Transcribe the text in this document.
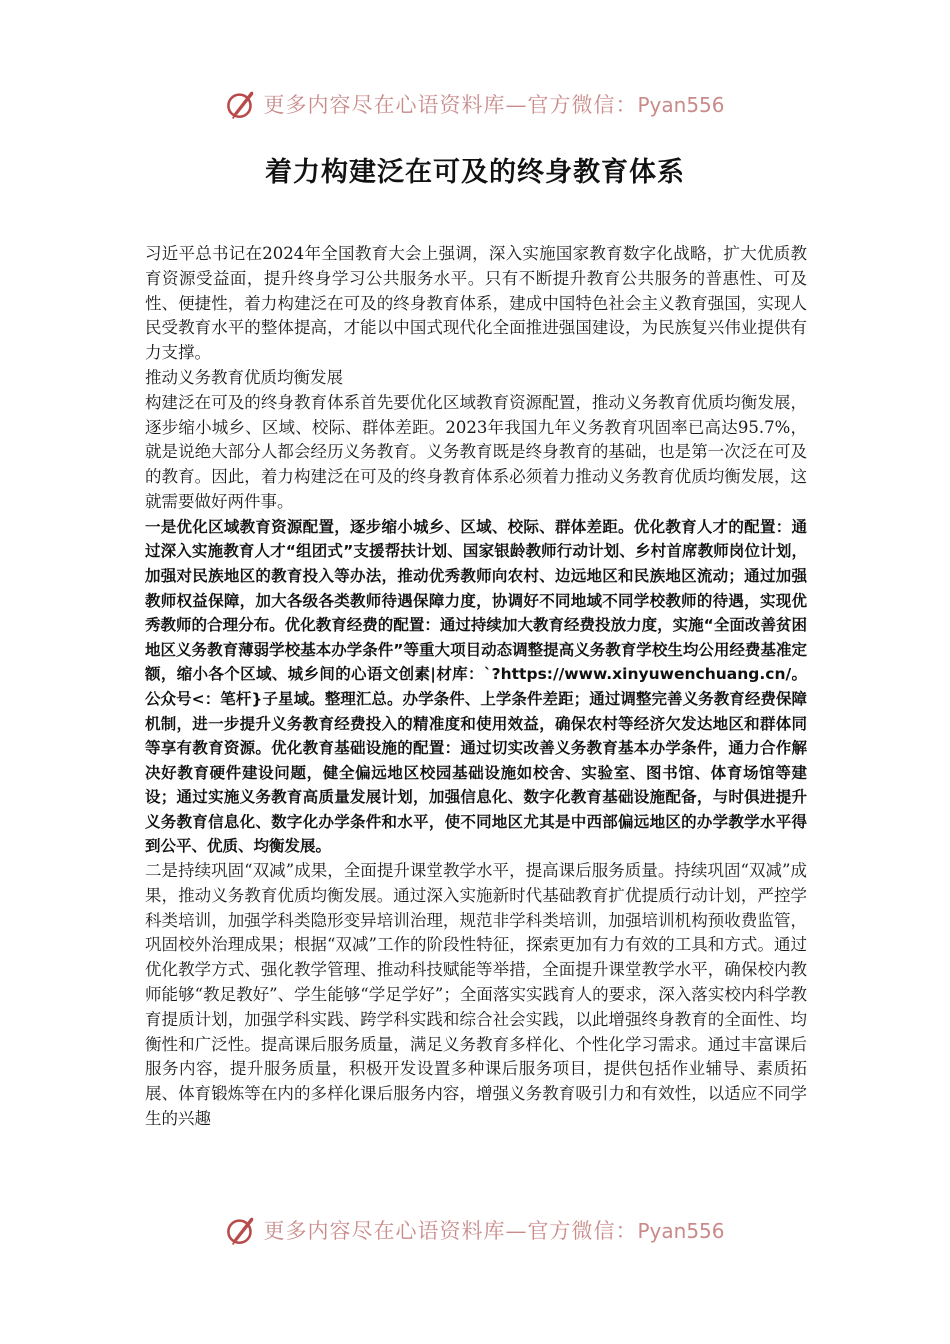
更多内容尽在心语资料库—官方微信：Pyan556
着力构建泛在可及的终身教育体系

习近平总书记在2024年全国教育大会上强调，深入实施国家教育数字化战略，扩大优质教育资源受益面，提升终身学习公共服务水平。只有不断提升教育公共服务的普惠性、可及性、便捷性，着力构建泛在可及的终身教育体系，建成中国特色社会主义教育强国，实现人民受教育水平的整体提高，才能以中国式现代化全面推进强国建设，为民族复兴伟业提供有力支撑。

推动义务教育优质均衡发展

构建泛在可及的终身教育体系首先要优化区域教育资源配置，推动义务教育优质均衡发展，逐步缩小城乡、区域、校际、群体差距。2023年我国九年义务教育巩固率已高达95.7%，就是说绝大部分人都会经历义务教育。义务教育既是终身教育的基础，也是第一次泛在可及的教育。因此，着力构建泛在可及的终身教育体系必须着力推动义务教育优质均衡发展，这就需要做好两件事。

一是优化区域教育资源配置，逐步缩小城乡、区域、校际、群体差距。优化教育人才的配置：通过深入实施教育人才“组团式”支援帮扶计划、国家银龄教师行动计划、乡村首席教师岗位计划，加强对民族地区的教育投入等办法，推动优秀教师向农村、边远地区和民族地区流动；通过加强教师权益保障，加大各级各类教师待遇保障力度，协调好不同地域不同学校教师的待遇，实现优秀教师的合理分布。优化教育经费的配置：通过持续加大教育经费投放力度，实施“全面改善贫困地区义务教育薄弱学校基本办学条件”等重大项目动态调整提高义务教育学校生均公用经费基准定额，缩小各个区域、城乡间的心语文创素|材库：`?https://www.xinyuwenchuang.cn/。公众号<：笔杆}子星域。整理汇总。办学条件、上学条件差距；通过调整完善义务教育经费保障机制，进一步提升义务教育经费投入的精准度和使用效益，确保农村等经济欠发达地区和群体同等享有教育资源。优化教育基础设施的配置：通过切实改善义务教育基本办学条件，通力合作解决好教育硬件建设问题，健全偏远地区校园基础设施如校舍、实验室、图书馆、体育场馆等建设；通过实施义务教育高质量发展计划，加强信息化、数字化教育基础设施配备，与时俱进提升义务教育信息化、数字化办学条件和水平，使不同地区尤其是中西部偏远地区的办学教学水平得到公平、优质、均衡发展。

二是持续巩固“双减”成果，全面提升课堂教学水平，提高课后服务质量。持续巩固“双减”成果，推动义务教育优质均衡发展。通过深入实施新时代基础教育扩优提质行动计划，严控学科类培训，加强学科类隐形变异培训治理，规范非学科类培训，加强培训机构预收费监管，巩固校外治理成果；根据“双减”工作的阶段性特征，探索更加有力有效的工具和方式。通过优化教学方式、强化教学管理、推动科技赋能等举措，全面提升课堂教学水平，确保校内教师能够“教足教好”、学生能够“学足学好”；全面落实实践育人的要求，深入落实校内科学教育提质计划，加强学科实践、跨学科实践和综合社会实践，以此增强终身教育的全面性、均衡性和广泛性。提高课后服务质量，满足义务教育多样化、个性化学习需求。通过丰富课后服务内容，提升服务质量，积极开发设置多种课后服务项目，提供包括作业辅导、素质拓展、体育锻炼等在内的多样化课后服务内容，增强义务教育吸引力和有效性，以适应不同学生的兴趣

更多内容尽在心语资料库—官方微信：Pyan556
